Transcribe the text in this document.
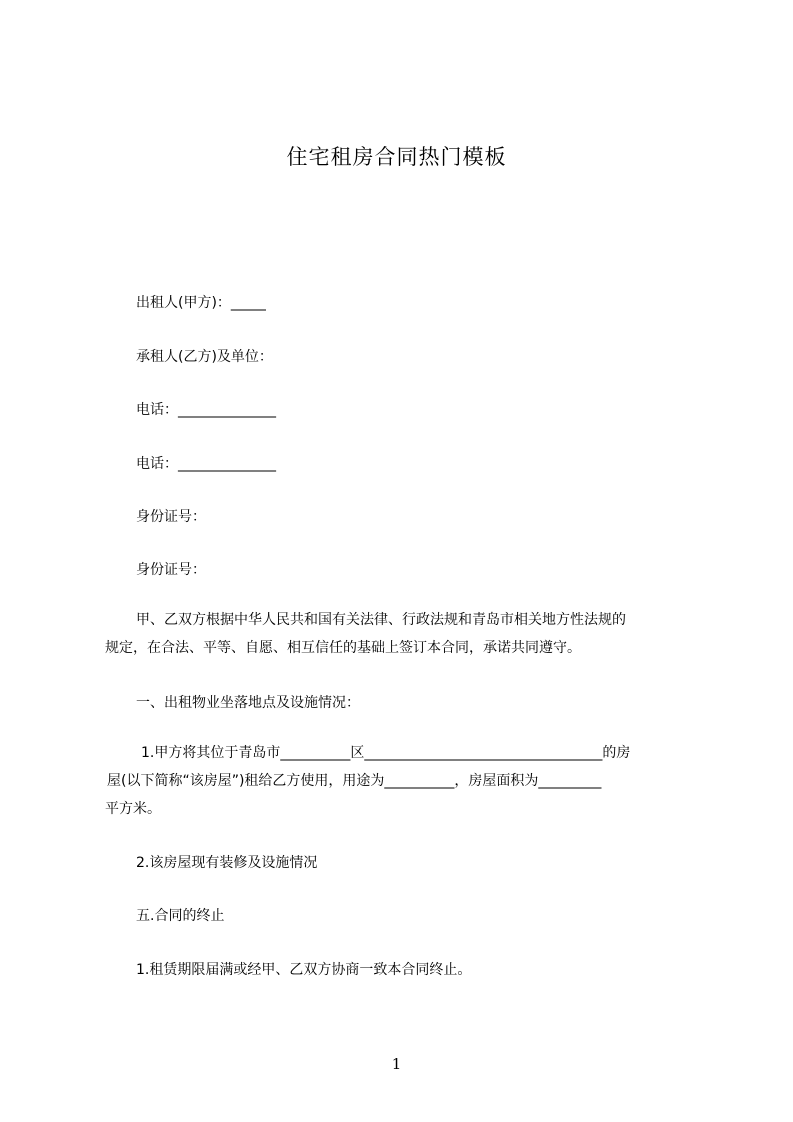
住宅租房合同热门模板
出租人(甲方)：_____
承租人(乙方)及单位：
电话：______________
电话：______________
身份证号：
身份证号：

甲、乙双方根据中华人民共和国有关法律、行政法规和青岛市相关地方性法规的

规定，在合法、平等、自愿、相互信任的基础上签订本合同，承诺共同遵守。

一、出租物业坐落地点及设施情况：

1.甲方将其位于青岛市__________区__________________________________的房

屋(以下简称“该房屋”)租给乙方使用，用途为__________，房屋面积为_________

平方米。

2.该房屋现有装修及设施情况
五.合同的终止
1.租赁期限届满或经甲、乙双方协商一致本合同终止。
1
